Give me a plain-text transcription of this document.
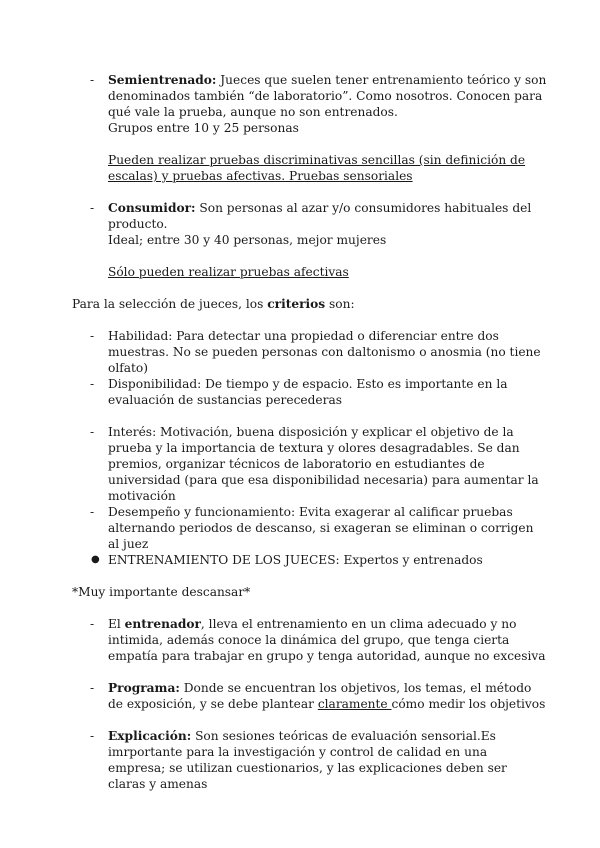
-	Semientrenado: Jueces que suelen tener entrenamiento teórico y son denominados también “de laboratorio”. Como nosotros. Conocen para qué vale la prueba, aunque no son entrenados.
Grupos entre 10 y 25 personas
Pueden realizar pruebas discriminativas sencillas (sin definición de escalas) y pruebas afectivas. Pruebas sensoriales
-	Consumidor: Son personas al azar y/o consumidores habituales del producto.
Ideal; entre 30 y 40 personas, mejor mujeres
Sólo pueden realizar pruebas afectivas
Para la selección de jueces, los criterios son:
-	Habilidad: Para detectar una propiedad o diferenciar entre dos muestras. No se pueden personas con daltonismo o anosmia (no tiene olfato)
-	Disponibilidad: De tiempo y de espacio. Esto es importante en la evaluación de sustancias perecederas
-	Interés: Motivación, buena disposición y explicar el objetivo de la prueba y la importancia de textura y olores desagradables. Se dan premios, organizar técnicos de laboratorio en estudiantes de universidad (para que esa disponibilidad necesaria) para aumentar la motivación
-	Desempeño y funcionamiento: Evita exagerar al calificar pruebas alternando periodos de descanso, si exageran se eliminan o corrigen al juez
● ENTRENAMIENTO DE LOS JUECES: Expertos y entrenados
*Muy importante descansar*
-	El entrenador, lleva el entrenamiento en un clima adecuado y no intimida, además conoce la dinámica del grupo, que tenga cierta empatía para trabajar en grupo y tenga autoridad, aunque no excesiva
-	Programa: Donde se encuentran los objetivos, los temas, el método de exposición, y se debe plantear claramente cómo medir los objetivos
-	Explicación: Son sesiones teóricas de evaluación sensorial.Es imrportante para la investigación y control de calidad en una empresa; se utilizan cuestionarios, y las explicaciones deben ser claras y amenas
